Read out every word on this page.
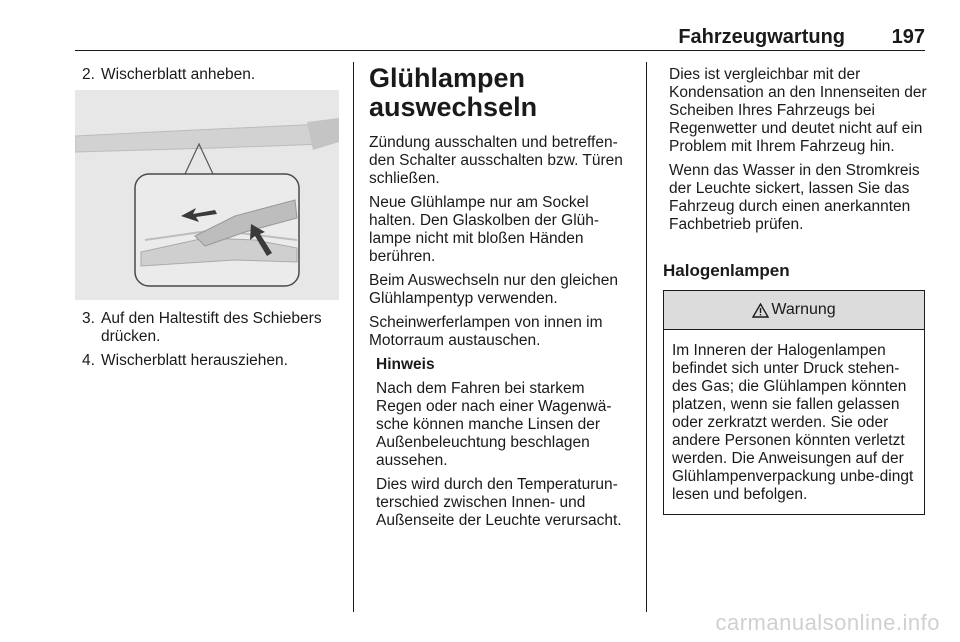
Fahrzeugwartung 197
2. Wischerblatt anheben.
3. Auf den Haltestift des Schiebers drücken.
4. Wischerblatt herausziehen.
Glühlampen auswechseln

Zündung ausschalten und betreffen-den Schalter ausschalten bzw. Türen schließen.

Neue Glühlampe nur am Sockel halten. Den Glaskolben der Glüh-lampe nicht mit bloßen Händen berühren.

Beim Auswechseln nur den gleichen Glühlampentyp verwenden.

Scheinwerferlampen von innen im Motorraum austauschen.

Hinweis

Nach dem Fahren bei starkem Regen oder nach einer Wagenwä-sche können manche Linsen der Außenbeleuchtung beschlagen aussehen.

Dies wird durch den Temperaturun-terschied zwischen Innen- und Außenseite der Leuchte verursacht.

Dies ist vergleichbar mit der Kondensation an den Innenseiten der Scheiben Ihres Fahrzeugs bei Regenwetter und deutet nicht auf ein Problem mit Ihrem Fahrzeug hin.

Wenn das Wasser in den Stromkreis der Leuchte sickert, lassen Sie das Fahrzeug durch einen anerkannten Fachbetrieb prüfen.

Halogenlampen
Warnung
Im Inneren der Halogenlampen befindet sich unter Druck stehen-des Gas; die Glühlampen könnten platzen, wenn sie fallen gelassen oder zerkratzt werden. Sie oder andere Personen könnten verletzt werden. Die Anweisungen auf der Glühlampenverpackung unbe-dingt lesen und befolgen.
carmanualsonline.info
